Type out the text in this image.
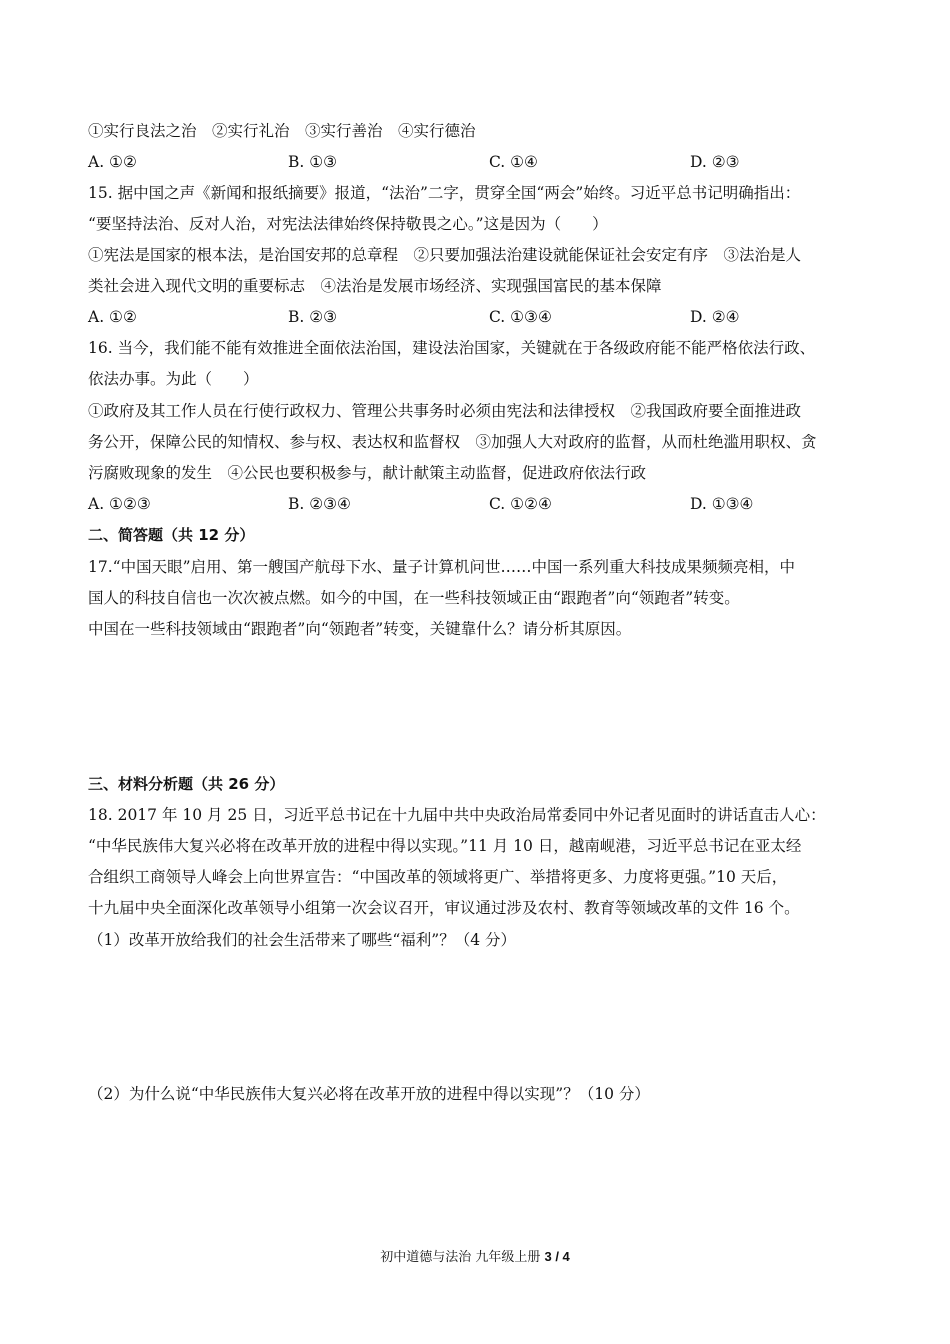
①实行良法之治　②实行礼治　③实行善治　④实行德治
A. ①②	B. ①③	C. ①④	D. ②③
15. 据中国之声《新闻和报纸摘要》报道，“法治”二字，贯穿全国“两会”始终。习近平总书记明确指出：
“要坚持法治、反对人治，对宪法法律始终保持敬畏之心。”这是因为（　　）
①宪法是国家的根本法，是治国安邦的总章程　②只要加强法治建设就能保证社会安定有序　③法治是人
类社会进入现代文明的重要标志　④法治是发展市场经济、实现强国富民的基本保障
A. ①②	B. ②③	C. ①③④	D. ②④
16. 当今，我们能不能有效推进全面依法治国，建设法治国家，关键就在于各级政府能不能严格依法行政、
依法办事。为此（　　）
①政府及其工作人员在行使行政权力、管理公共事务时必须由宪法和法律授权　②我国政府要全面推进政
务公开，保障公民的知情权、参与权、表达权和监督权　③加强人大对政府的监督，从而杜绝滥用职权、贪
污腐败现象的发生　④公民也要积极参与，献计献策主动监督，促进政府依法行政
A. ①②③	B. ②③④	C. ①②④	D. ①③④
二、简答题（共 12 分）
17.“中国天眼”启用、第一艘国产航母下水、量子计算机问世……中国一系列重大科技成果频频亮相，中
国人的科技自信也一次次被点燃。如今的中国，在一些科技领域正由“跟跑者”向“领跑者”转变。
中国在一些科技领域由“跟跑者”向“领跑者”转变，关键靠什么？请分析其原因。
三、材料分析题（共 26 分）
18. 2017 年 10 月 25 日，习近平总书记在十九届中共中央政治局常委同中外记者见面时的讲话直击人心：
“中华民族伟大复兴必将在改革开放的进程中得以实现。”11 月 10 日，越南岘港，习近平总书记在亚太经
合组织工商领导人峰会上向世界宣告：“中国改革的领域将更广、举措将更多、力度将更强。”10 天后，
十九届中央全面深化改革领导小组第一次会议召开，审议通过涉及农村、教育等领域改革的文件 16 个。
（1）改革开放给我们的社会生活带来了哪些“福利”？（4 分）
（2）为什么说“中华民族伟大复兴必将在改革开放的进程中得以实现”？（10 分）
初中道德与法治 九年级上册 3 / 4
